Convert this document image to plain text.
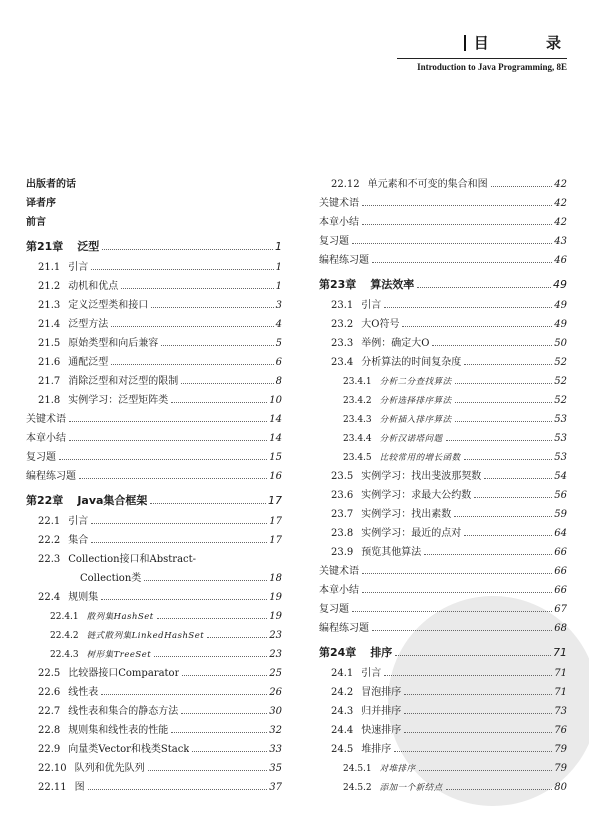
目 录
Introduction to Java Programming, 8E
出版者的话
译者序
前言
第21章 泛型	1
21.1 引言	1
21.2 动机和优点	1
21.3 定义泛型类和接口	3
21.4 泛型方法	4
21.5 原始类型和向后兼容	5
21.6 通配泛型	6
21.7 消除泛型和对泛型的限制	8
21.8 实例学习：泛型矩阵类	10
关键术语	14
本章小结	14
复习题	15
编程练习题	16
第22章 Java集合框架	17
22.1 引言	17
22.2 集合	17
22.3 Collection接口和Abstract-
Collection类	18
22.4 规则集	19
22.4.1 散列集HashSet	19
22.4.2 链式散列集LinkedHashSet	23
22.4.3 树形集TreeSet	23
22.5 比较器接口Comparator	25
22.6 线性表	26
22.7 线性表和集合的静态方法	30
22.8 规则集和线性表的性能	32
22.9 向量类Vector和栈类Stack	33
22.10 队列和优先队列	35
22.11 图	37
22.12 单元素和不可变的集合和图	42
关键术语	42
本章小结	42
复习题	43
编程练习题	46
第23章 算法效率	49
23.1 引言	49
23.2 大O符号	49
23.3 举例：确定大O	50
23.4 分析算法的时间复杂度	52
23.4.1 分析二分查找算法	52
23.4.2 分析选择排序算法	52
23.4.3 分析插入排序算法	53
23.4.4 分析汉诺塔问题	53
23.4.5 比较常用的增长函数	53
23.5 实例学习：找出斐波那契数	54
23.6 实例学习：求最大公约数	56
23.7 实例学习：找出素数	59
23.8 实例学习：最近的点对	64
23.9 预览其他算法	66
关键术语	66
本章小结	66
复习题	67
编程练习题	68
第24章 排序	71
24.1 引言	71
24.2 冒泡排序	71
24.3 归并排序	73
24.4 快速排序	76
24.5 堆排序	79
24.5.1 对堆排序	79
24.5.2 添加一个新结点	80
